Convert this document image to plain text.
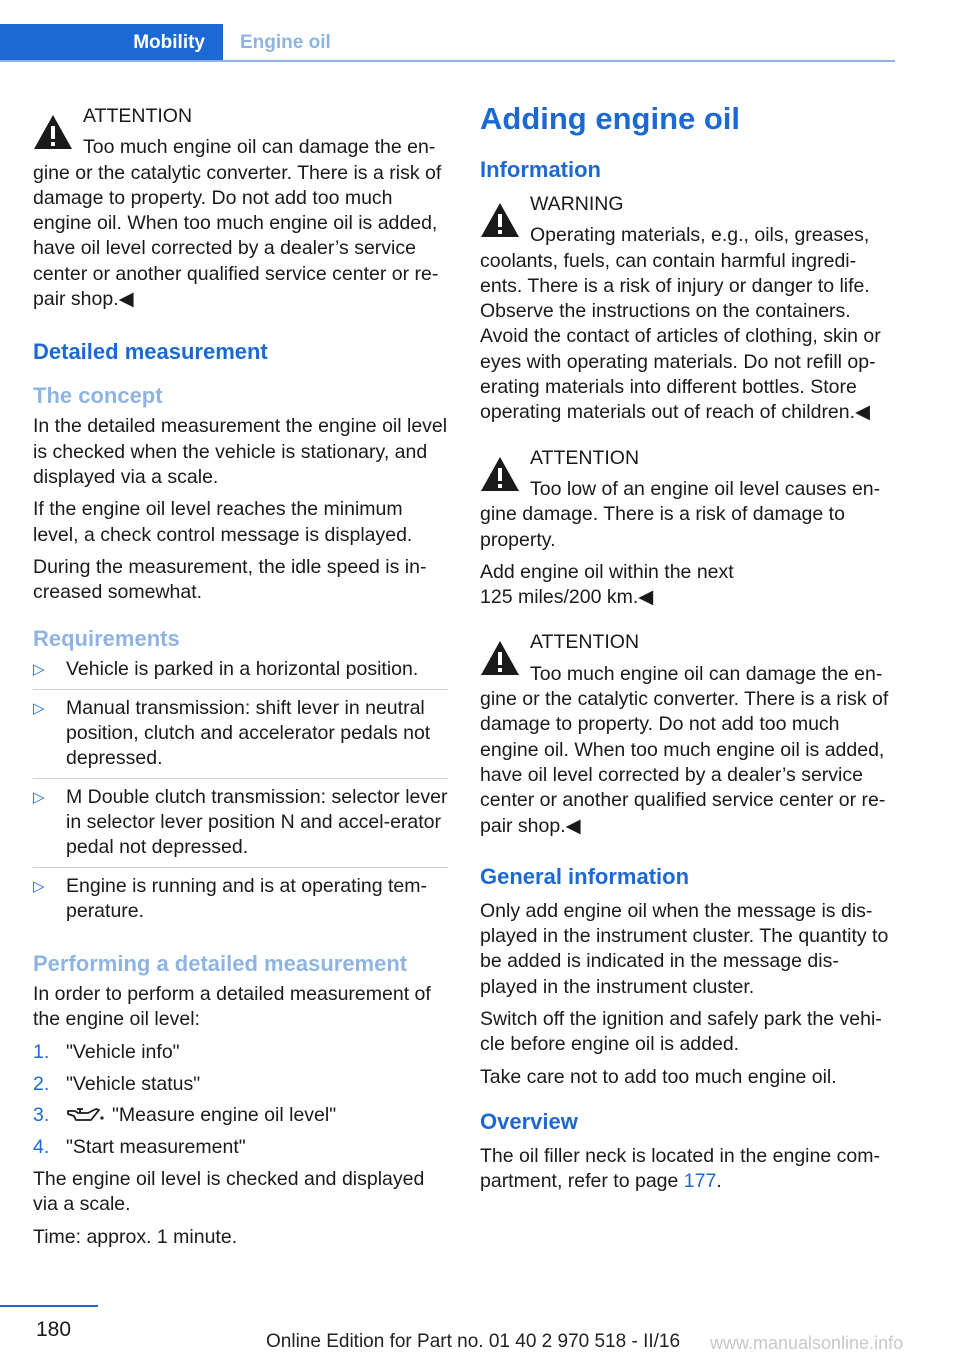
Mobility	Engine oil
ATTENTION
Too much engine oil can damage the en-
gine or the catalytic converter. There is a risk of damage to property. Do not add too much engine oil. When too much engine oil is added, have oil level corrected by a dealer’s service center or another qualified service center or re-pair shop.◀
Detailed measurement
The concept

In the detailed measurement the engine oil level is checked when the vehicle is stationary, and displayed via a scale.

If the engine oil level reaches the minimum level, a check control message is displayed.

During the measurement, the idle speed is in-creased somewhat.

Requirements
▷ Vehicle is parked in a horizontal position.
▷ Manual transmission: shift lever in neutral position, clutch and accelerator pedals not depressed.
▷ M Double clutch transmission: selector lever in selector lever position N and accel-erator pedal not depressed.
▷ Engine is running and is at operating tem-perature.
Performing a detailed measurement

In order to perform a detailed measurement of the engine oil level:

1. "Vehicle info"
2. "Vehicle status"
3.	"Measure engine oil level"
4. "Start measurement"

The engine oil level is checked and displayed via a scale.

Time: approx. 1 minute.

Adding engine oil
Information
WARNING
Operating materials, e.g., oils, greases,
coolants, fuels, can contain harmful ingredi-ents. There is a risk of injury or danger to life. Observe the instructions on the containers. Avoid the contact of articles of clothing, skin or eyes with operating materials. Do not refill op-erating materials into different bottles. Store operating materials out of reach of children.◀
ATTENTION
Too low of an engine oil level causes en-
gine damage. There is a risk of damage to property.

Add engine oil within the next 125 miles/200 km.◀

ATTENTION
Too much engine oil can damage the en-
gine or the catalytic converter. There is a risk of damage to property. Do not add too much engine oil. When too much engine oil is added, have oil level corrected by a dealer’s service center or another qualified service center or re-pair shop.◀
General information

Only add engine oil when the message is dis-played in the instrument cluster. The quantity to be added is indicated in the message dis-played in the instrument cluster.

Switch off the ignition and safely park the vehi-cle before engine oil is added.

Take care not to add too much engine oil.

Overview

The oil filler neck is located in the engine com-partment, refer to page 177.

180
Online Edition for Part no. 01 40 2 970 518 - II/16 www.manualsonline.info
